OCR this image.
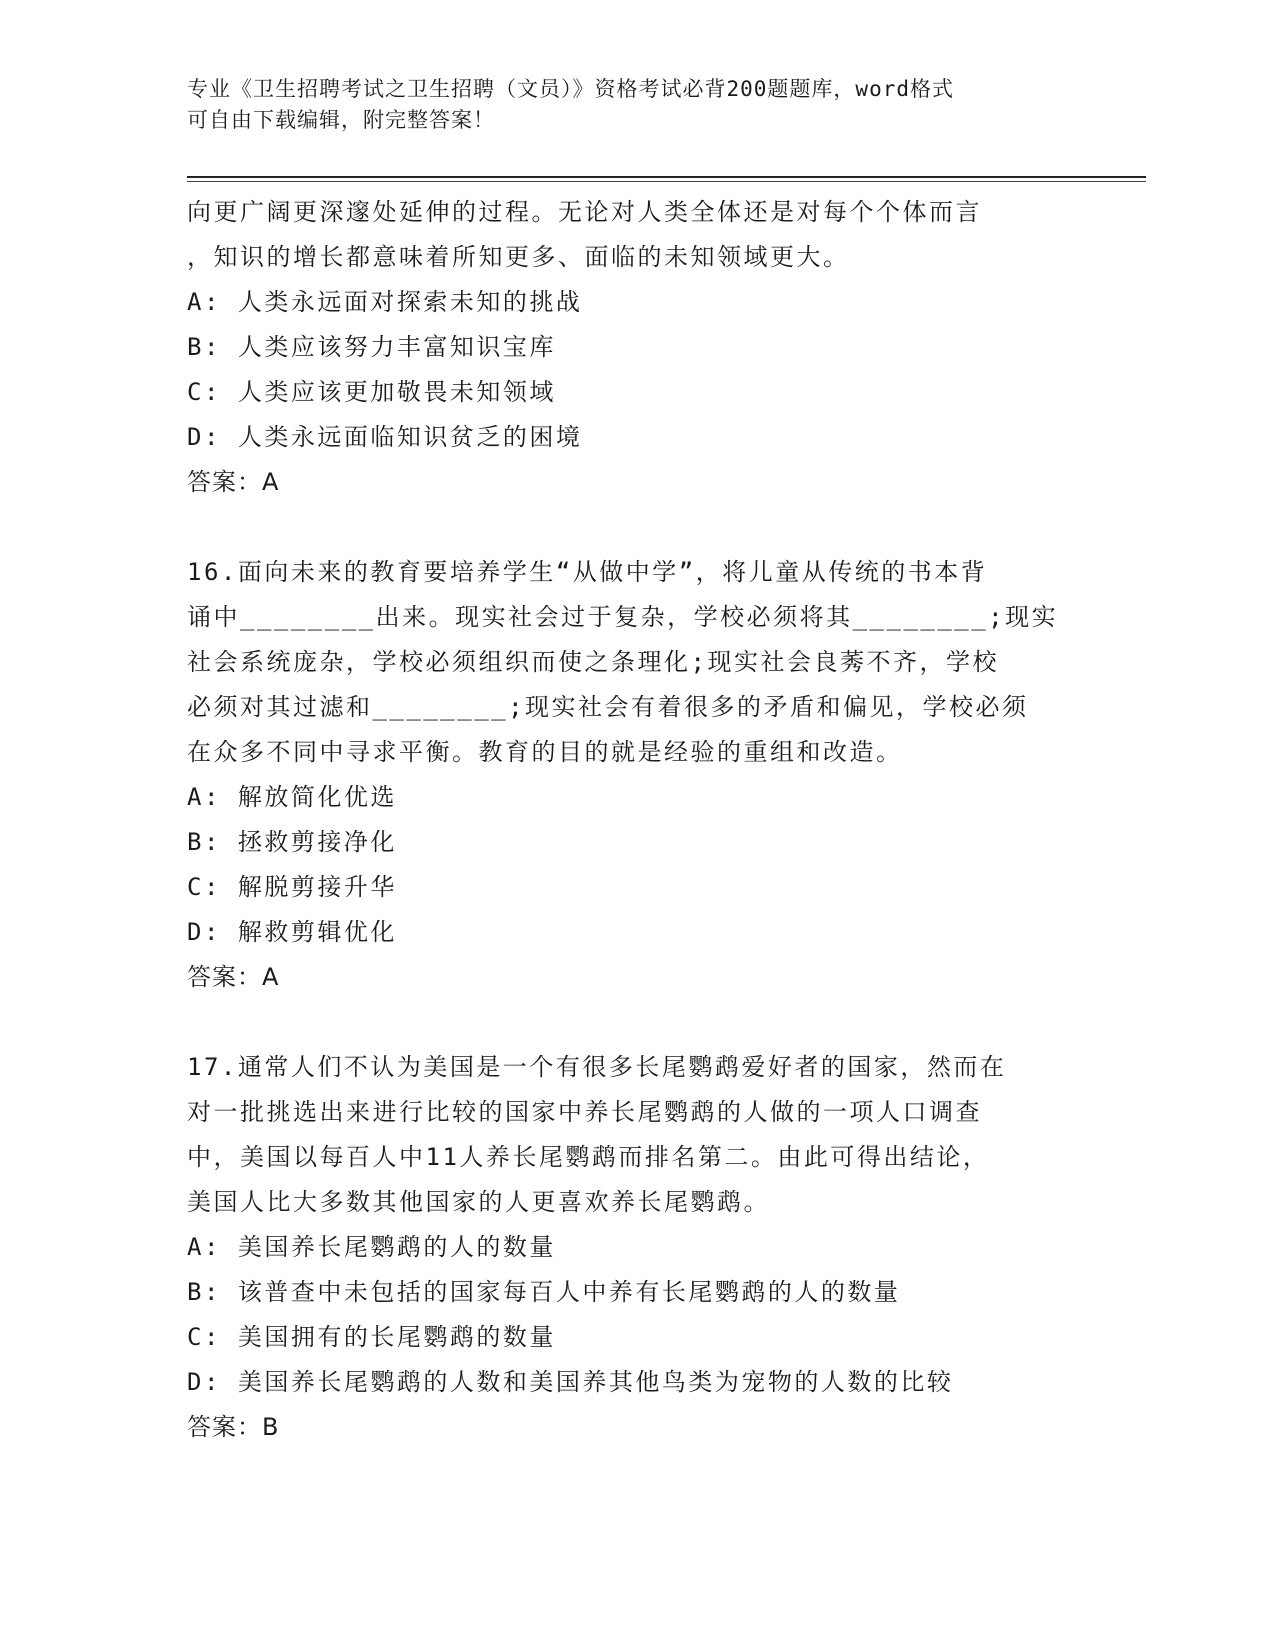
专业《卫生招聘考试之卫生招聘（文员）》资格考试必背200题题库，word格式
可自由下载编辑，附完整答案！
向更广阔更深邃处延伸的过程。无论对人类全体还是对每个个体而言
，知识的增长都意味着所知更多、面临的未知领域更大。
A: 人类永远面对探索未知的挑战
B: 人类应该努力丰富知识宝库
C: 人类应该更加敬畏未知领域
D: 人类永远面临知识贫乏的困境
答案：A
16.面向未来的教育要培养学生“从做中学”，将儿童从传统的书本背
诵中________出来。现实社会过于复杂，学校必须将其________;现实
社会系统庞杂，学校必须组织而使之条理化;现实社会良莠不齐，学校
必须对其过滤和________;现实社会有着很多的矛盾和偏见，学校必须
在众多不同中寻求平衡。教育的目的就是经验的重组和改造。
A: 解放简化优选
B: 拯救剪接净化
C: 解脱剪接升华
D: 解救剪辑优化
答案：A
17.通常人们不认为美国是一个有很多长尾鹦鹉爱好者的国家，然而在
对一批挑选出来进行比较的国家中养长尾鹦鹉的人做的一项人口调查
中，美国以每百人中11人养长尾鹦鹉而排名第二。由此可得出结论，
美国人比大多数其他国家的人更喜欢养长尾鹦鹉。
A: 美国养长尾鹦鹉的人的数量
B: 该普查中未包括的国家每百人中养有长尾鹦鹉的人的数量
C: 美国拥有的长尾鹦鹉的数量
D: 美国养长尾鹦鹉的人数和美国养其他鸟类为宠物的人数的比较
答案：B
